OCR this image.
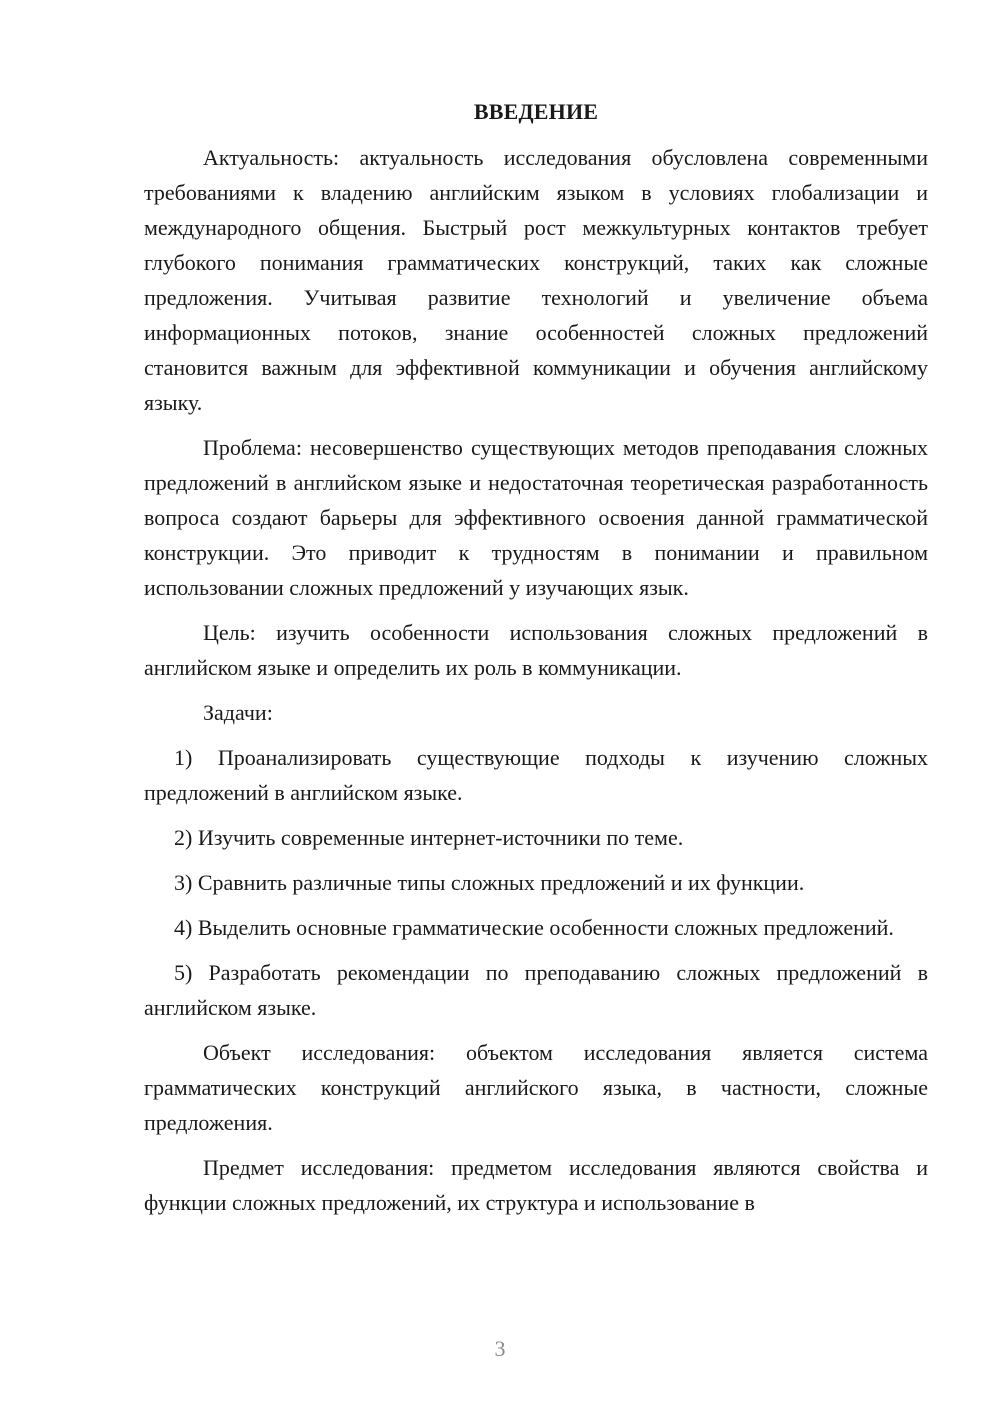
ВВЕДЕНИЕ

Актуальность: актуальность исследования обусловлена современными требованиями к владению английским языком в условиях глобализации и международного общения. Быстрый рост межкультурных контактов требует глубокого понимания грамматических конструкций, таких как сложные предложения. Учитывая развитие технологий и увеличение объема информационных потоков, знание особенностей сложных предложений становится важным для эффективной коммуникации и обучения английскому языку.

Проблема: несовершенство существующих методов преподавания сложных предложений в английском языке и недостаточная теоретическая разработанность вопроса создают барьеры для эффективного освоения данной грамматической конструкции. Это приводит к трудностям в понимании и правильном использовании сложных предложений у изучающих язык.

Цель: изучить особенности использования сложных предложений в английском языке и определить их роль в коммуникации.

Задачи:

1) Проанализировать существующие подходы к изучению сложных предложений в английском языке.

2) Изучить современные интернет-источники по теме.

3) Сравнить различные типы сложных предложений и их функции.

4) Выделить основные грамматические особенности сложных предложений.

5) Разработать рекомендации по преподаванию сложных предложений в английском языке.

Объект исследования: объектом исследования является система грамматических конструкций английского языка, в частности, сложные предложения.

Предмет исследования: предметом исследования являются свойства и функции сложных предложений, их структура и использование в

3
